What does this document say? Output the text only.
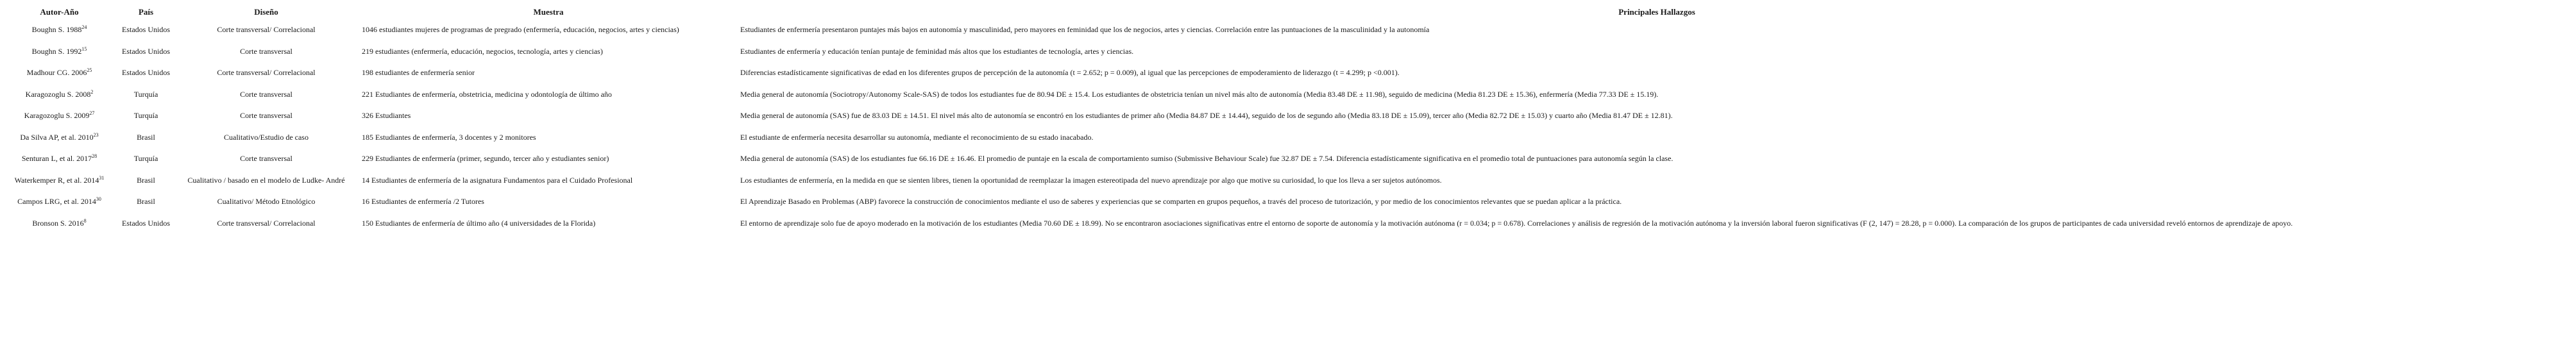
Autor-Año	País	Diseño	Muestra	Principales Hallazgos
Boughn S. 1988$^{24}$	Estados Unidos	Corte transversal/ Correlacional	1046 estudiantes mujeres de programas de pregrado (enfermería, educación, negocios, artes y ciencias)	Estudiantes de enfermería presentaron puntajes más bajos en autonomía y masculinidad, pero mayores en feminidad que los de negocios, artes y ciencias. Correlación entre las puntuaciones de la masculinidad y la autonomía
Boughn S. 1992$^{15}$	Estados Unidos	Corte transversal	219 estudiantes (enfermería, educación, negocios, tecnología, artes y ciencias)	Estudiantes de enfermería y educación tenían puntaje de feminidad más altos que los estudiantes de tecnología, artes y ciencias.
Madhour CG. 2006$^{25}$	Estados Unidos	Corte transversal/ Correlacional	198 estudiantes de enfermería senior	Diferencias estadísticamente significativas de edad en los diferentes grupos de percepción de la autonomía (t = 2.652; p = 0.009), al igual que las percepciones de empoderamiento de liderazgo (t = 4.299; p <0.001).
Karagozoglu S. 2008$^2$	Turquía	Corte transversal	221 Estudiantes de enfermería, obstetricia, medicina y odontología de último año	Media general de autonomía (Sociotropy/Autonomy Scale-SAS) de todos los estudiantes fue de 80.94 DE ± 15.4. Los estudiantes de obstetricia tenían un nivel más alto de autonomía (Media 83.48 DE ± 11.98), seguido de medicina (Media 81.23 DE ± 15.36), enfermería (Media 77.33 DE ± 15.19).
Karagozoglu S. 2009$^{27}$	Turquía	Corte transversal	326 Estudiantes	Media general de autonomía (SAS) fue de 83.03 DE ± 14.51. El nivel más alto de autonomía se encontró en los estudiantes de primer año (Media 84.87 DE ± 14.44), seguido de los de segundo año (Media 83.18 DE ± 15.09), tercer año (Media 82.72 DE ± 15.03) y cuarto año (Media 81.47 DE ± 12.81).
Da Silva AP, et al. 2010$^{23}$	Brasil	Cualitativo/Estudio de caso	185 Estudiantes de enfermería, 3 docentes y 2 monitores	El estudiante de enfermería necesita desarrollar su autonomía, mediante el reconocimiento de su estado inacabado.
Senturan L, et al. 2017$^{28}$	Turquía	Corte transversal	229 Estudiantes de enfermería (primer, segundo, tercer año y estudiantes senior)	Media general de autonomía (SAS) de los estudiantes fue 66.16 DE ± 16.46. El promedio de puntaje en la escala de comportamiento sumiso (Submissive Behaviour Scale) fue 32.87 DE ± 7.54. Diferencia estadísticamente significativa en el promedio total de puntuaciones para autonomía según la clase.
Waterkemper R, et al. 2014$^{31}$	Brasil	Cualitativo / basado en el modelo de Ludke- André	14 Estudiantes de enfermería de la asignatura Fundamentos para el Cuidado Profesional	Los estudiantes de enfermería, en la medida en que se sienten libres, tienen la oportunidad de reemplazar la imagen estereotipada del nuevo aprendizaje por algo que motive su curiosidad, lo que los lleva a ser sujetos autónomos.
Campos LRG, et al. 2014$^{30}$	Brasil	Cualitativo/ Método Etnológico	16 Estudiantes de enfermería /2 Tutores	El Aprendizaje Basado en Problemas (ABP) favorece la construcción de conocimientos mediante el uso de saberes y experiencias que se comparten en grupos pequeños, a través del proceso de tutorización, y por medio de los conocimientos relevantes que se puedan aplicar a la práctica.
Bronson S. 2016$^8$	Estados Unidos	Corte transversal/ Correlacional	150 Estudiantes de enfermería de último año (4 universidades de la Florida)	El entorno de aprendizaje solo fue de apoyo moderado en la motivación de los estudiantes (Media 70.60 DE ± 18.99). No se encontraron asociaciones significativas entre el entorno de soporte de autonomía y la motivación autónoma (r = 0.034; p = 0.678). Correlaciones y análisis de regresión de la motivación autónoma y la inversión laboral fueron significativas (F (2, 147) = 28.28, p = 0.000). La comparación de los grupos de participantes de cada universidad reveló entornos de aprendizaje de apoyo.
